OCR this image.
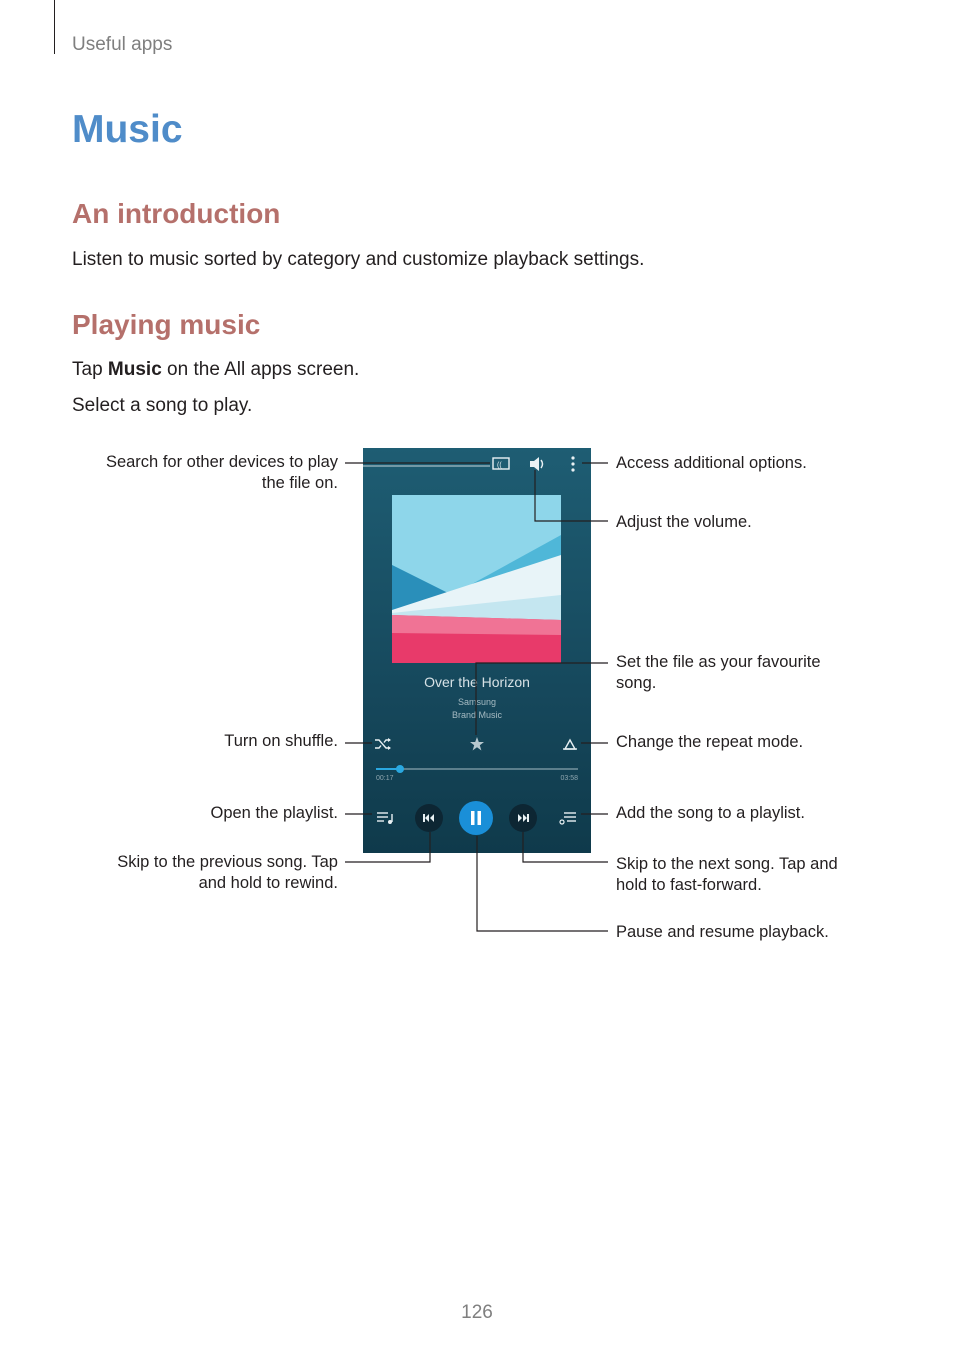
Useful apps
Music
An introduction
Listen to music sorted by category and customize playback settings.
Playing music
Tap Music on the All apps screen.
Select a song to play.
((
Over the Horizon
Samsung
Brand Music
00:17	03:58
Search for other devices to play
the file on.
Turn on shuffle.
Open the playlist.
Skip to the previous song. Tap
and hold to rewind.
Access additional options.
Adjust the volume.
Set the file as your favourite
song.
Change the repeat mode.
Add the song to a playlist.
Skip to the next song. Tap and
hold to fast-forward.
Pause and resume playback.
126
